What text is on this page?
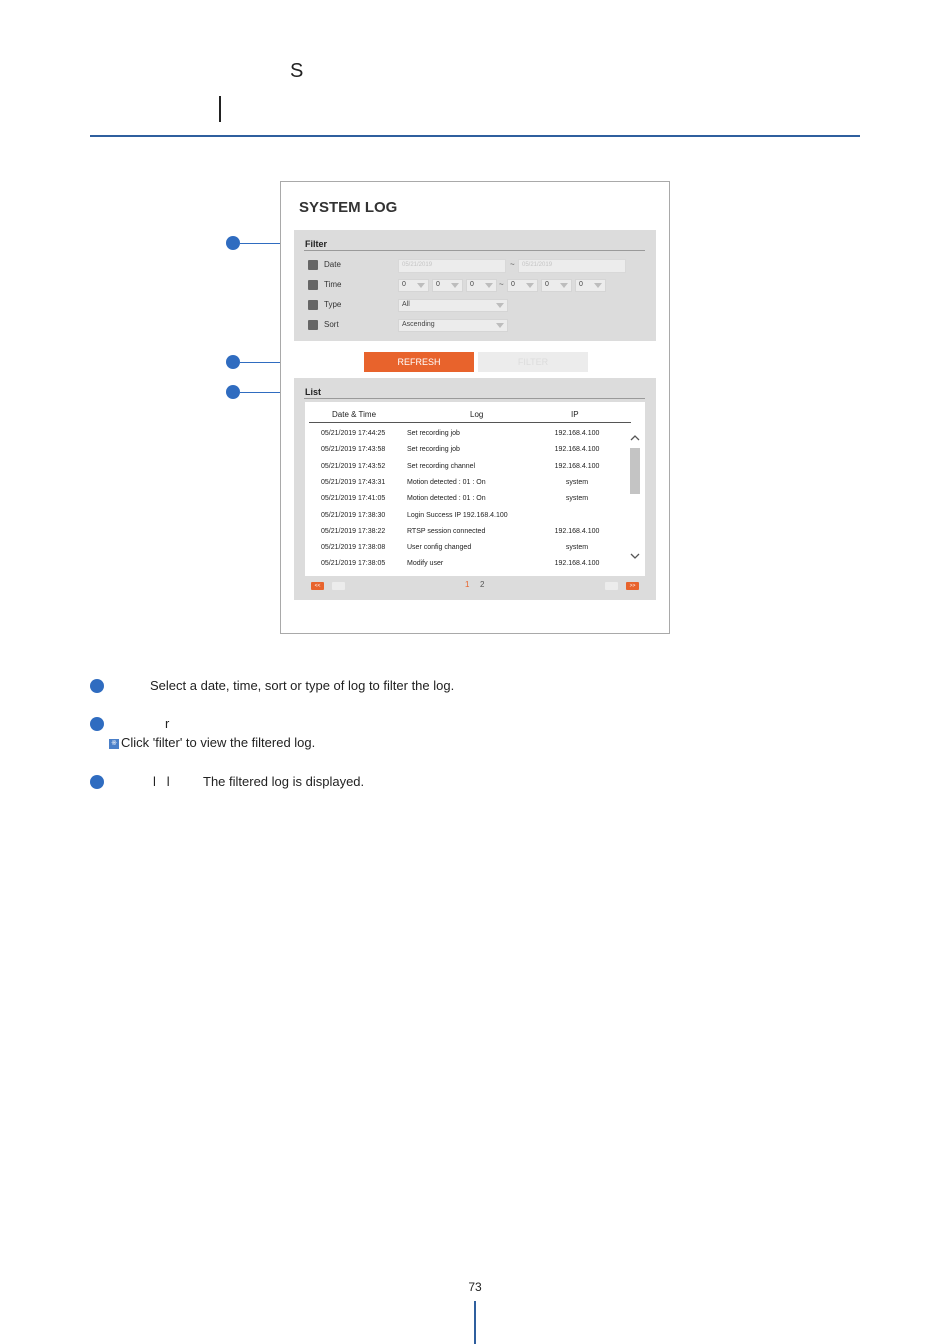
S
SYSTEM LOG
Filter
Date	05/21/2019	~	05/21/2019
Time	0	0	0	~	0	0	0
Type	All
Sort	Ascending
REFRESH	FILTER
List
Date & Time	Log	IP
05/21/2019 17:44:25	Set recording job	192.168.4.100
05/21/2019 17:43:58	Set recording job	192.168.4.100
05/21/2019 17:43:52	Set recording channel	192.168.4.100
05/21/2019 17:43:31	Motion detected : 01 : On	system
05/21/2019 17:41:05	Motion detected : 01 : On	system
05/21/2019 17:38:30	Login Success IP 192.168.4.100
05/21/2019 17:38:22	RTSP session connected	192.168.4.100
05/21/2019 17:38:08	User config changed	system
05/21/2019 17:38:05	Modify user	192.168.4.100
<<	<	1 2	>	>>
Select a date, time, sort or type of log to filter the log.
r
※ Click 'filter' to view the filtered log.
l   l	The filtered log is displayed.
73
